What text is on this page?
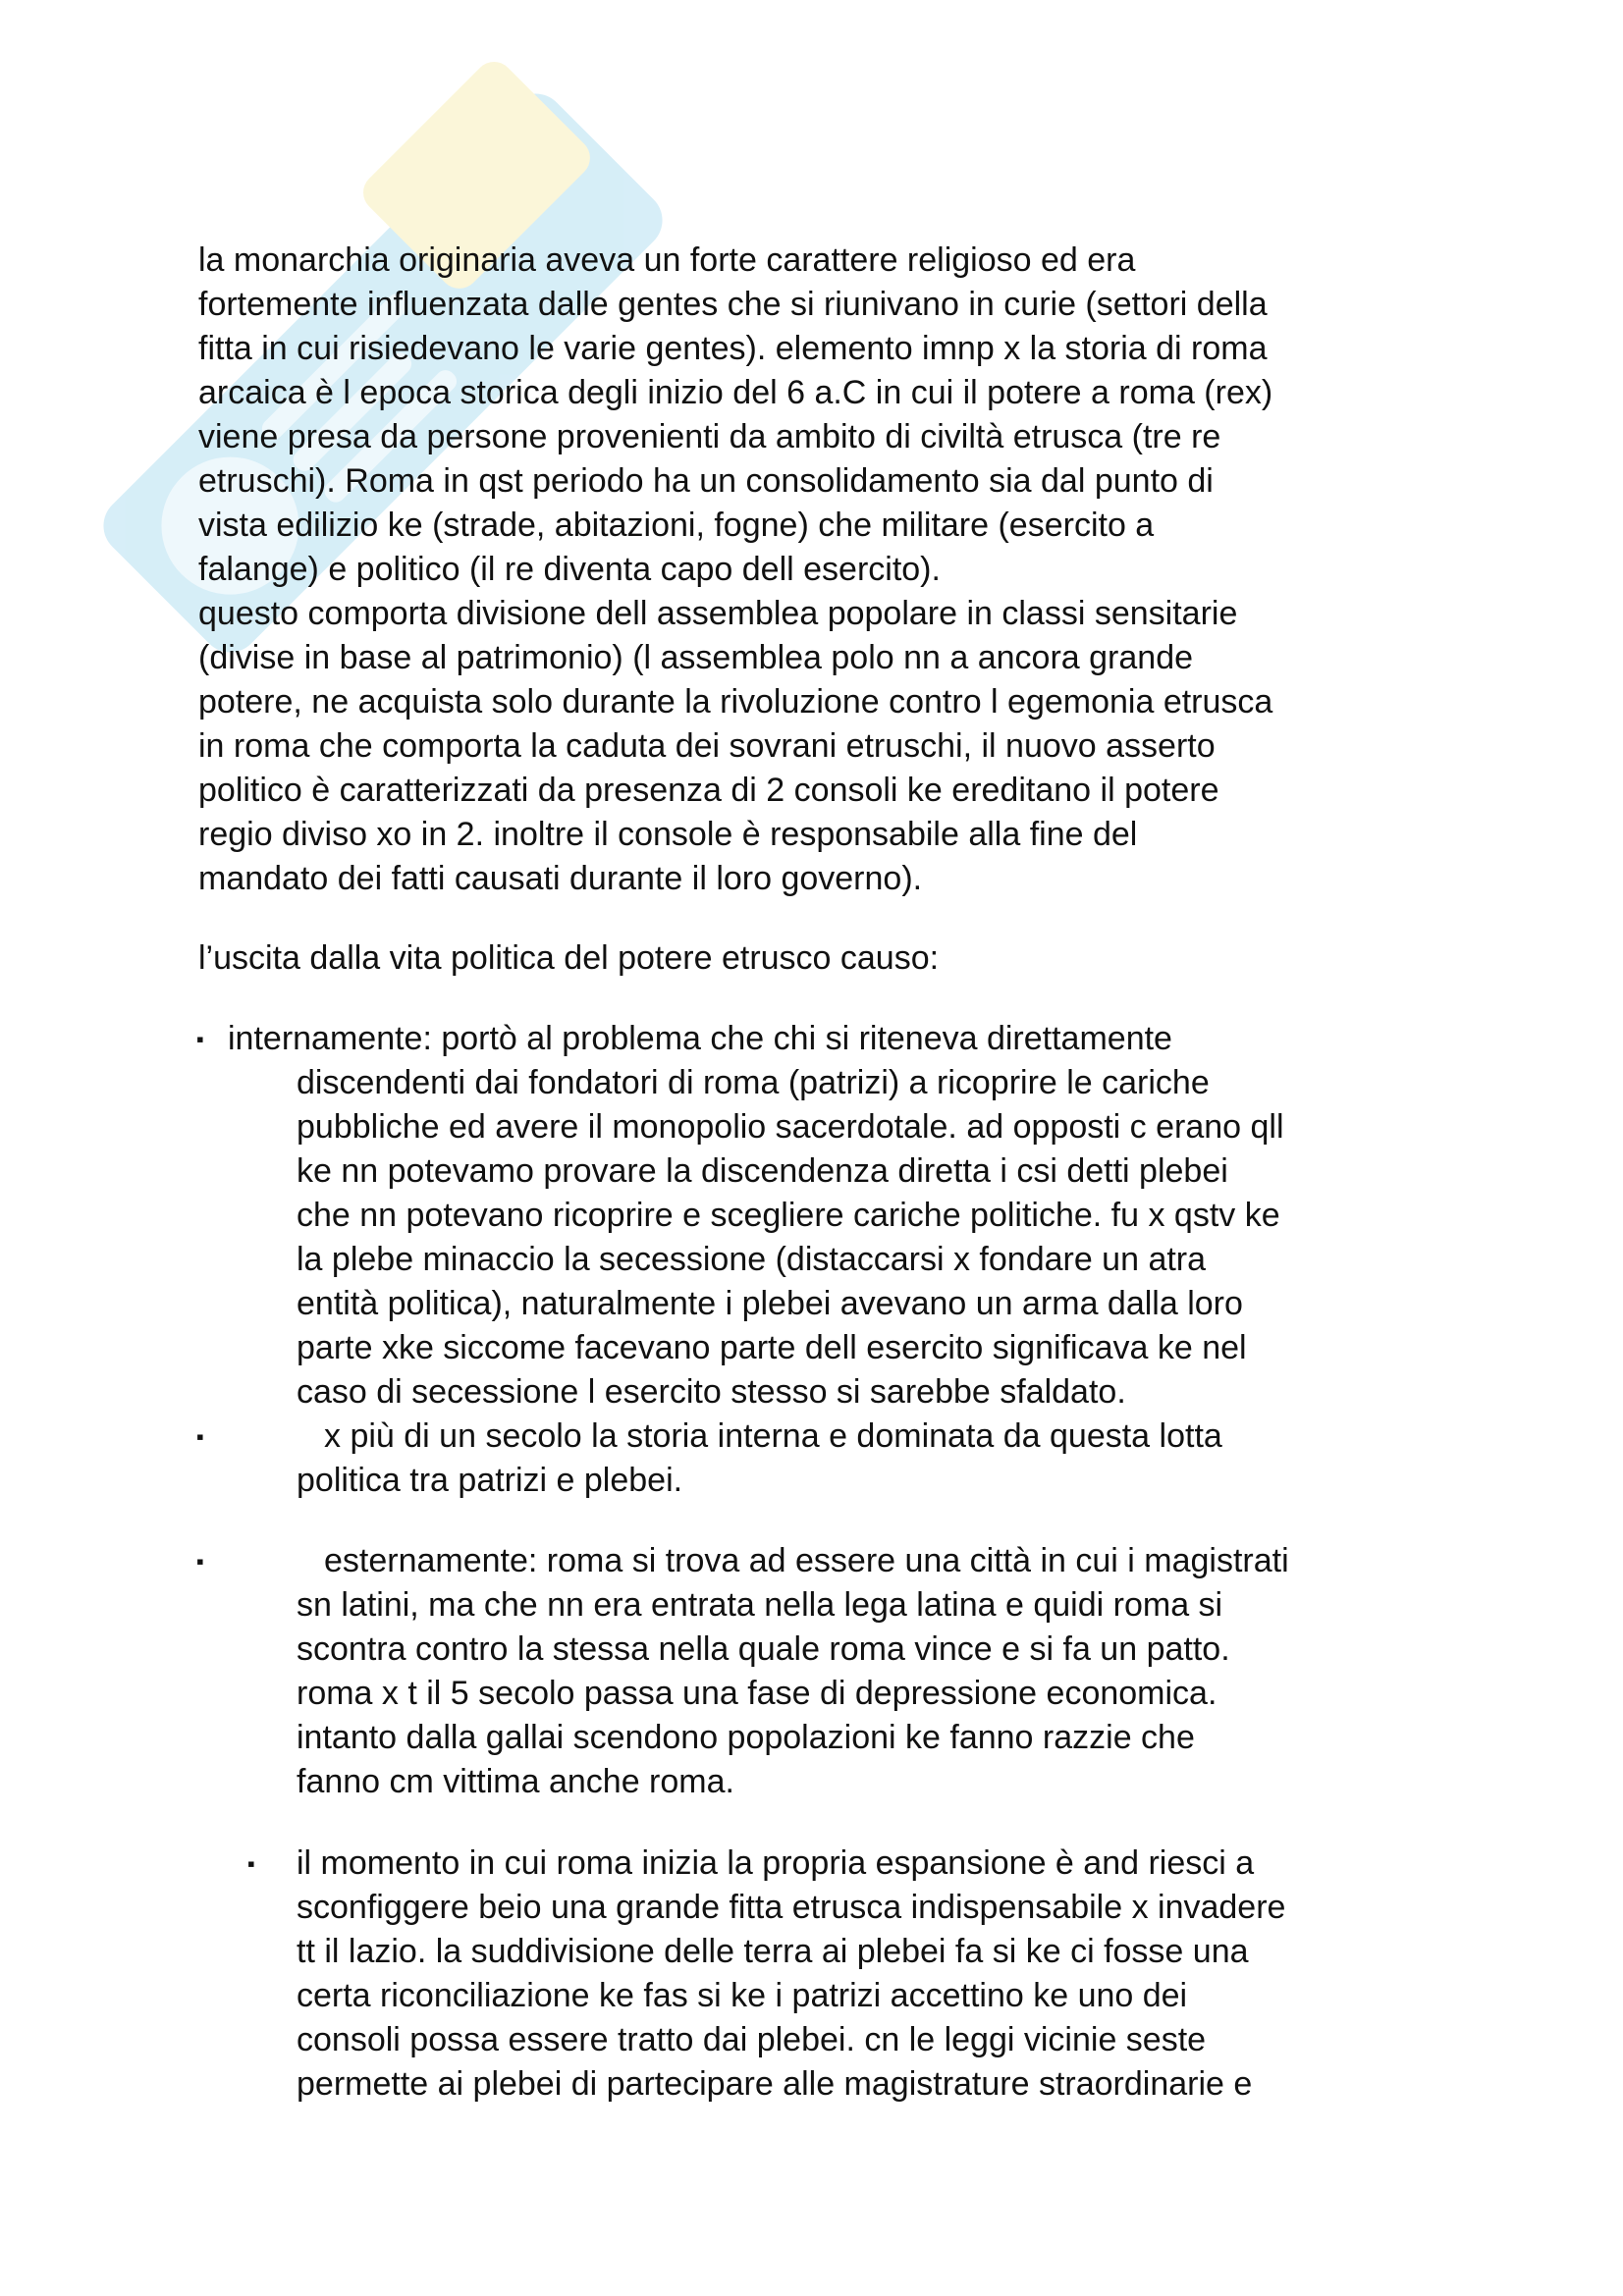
la monarchia originaria aveva un forte carattere religioso ed era
fortemente influenzata dalle gentes che si riunivano in curie (settori della
fitta in cui risiedevano le varie gentes). elemento imnp x la storia di roma
arcaica è l epoca storica degli inizio del 6 a.C in cui il potere a roma (rex)
viene presa da persone provenienti da ambito di civiltà etrusca (tre re
etruschi). Roma in qst periodo ha un consolidamento sia dal punto di
vista edilizio ke (strade, abitazioni, fogne) che militare (esercito a
falange) e politico (il re diventa capo dell esercito).
questo comporta divisione dell assemblea popolare in classi sensitarie
(divise in base al patrimonio) (l assemblea polo nn a ancora grande
potere, ne acquista solo durante la rivoluzione contro l egemonia etrusca
in roma che comporta la caduta dei sovrani etruschi, il nuovo asserto
politico è caratterizzati da presenza di 2 consoli ke ereditano il potere
regio diviso xo in 2. inoltre il console è responsabile alla fine del
mandato dei fatti causati durante il loro governo).
l’uscita dalla vita politica del potere etrusco causo:
▪ internamente: portò al problema che chi si riteneva direttamente
discendenti dai fondatori di roma (patrizi) a ricoprire le cariche
pubbliche ed avere il monopolio sacerdotale. ad opposti c erano qll
ke nn potevamo provare la discendenza diretta i csi detti plebei
che nn potevano ricoprire e scegliere cariche politiche. fu x qstv ke
la plebe minaccio la secessione (distaccarsi x fondare un atra
entità politica), naturalmente i plebei avevano un arma dalla loro
parte xke siccome facevano parte dell esercito significava ke nel
caso di secessione l esercito stesso si sarebbe sfaldato.
▪	x più di un secolo la storia interna e dominata da questa lotta
politica tra patrizi e plebei.
▪	esternamente: roma si trova ad essere una città in cui i magistrati
sn latini, ma che nn era entrata nella lega latina e quidi roma si
scontra contro la stessa nella quale roma vince e si fa un patto.
roma x t il 5 secolo passa una fase di depressione economica.
intanto dalla gallai scendono popolazioni ke fanno razzie che
fanno cm vittima anche roma.
▪ il momento in cui roma inizia la propria espansione è and riesci a
sconfiggere beio una grande fitta etrusca indispensabile x invadere
tt il lazio. la suddivisione delle terra ai plebei fa si ke ci fosse una
certa riconciliazione ke fas si ke i patrizi accettino ke uno dei
consoli possa essere tratto dai plebei. cn le leggi vicinie seste
permette ai plebei di partecipare alle magistrature straordinarie e
